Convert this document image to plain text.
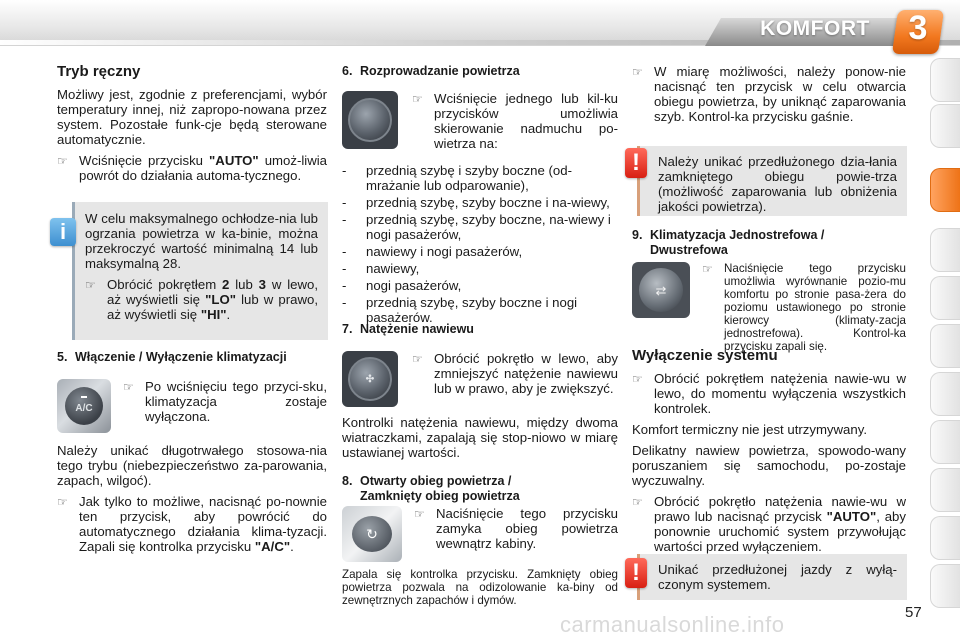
KOMFORT	3
Tryb ręczny

Możliwy jest, zgodnie z preferencjami, wybór temperatury innej, niż zapropo-nowana przez system. Pozostałe funk-cje będą sterowane automatycznie.

☞ Wciśnięcie przycisku "AUTO" umoż-liwia powrót do działania automa-tycznego.

W celu maksymalnego ochłodze-nia lub ogrzania powietrza w ka-binie, można przekroczyć wartość minimalną 14 lub maksymalną 28.

☞ Obrócić pokrętłem 2 lub 3 w lewo, aż wyświetli się "LO" lub w prawo, aż wyświetli się "HI".
i
5. Włączenie / Wyłączenie klimatyzacji
A/C
☞ Po wciśnięciu tego przyci-sku, klimatyzacja zostaje wyłączona.

Należy unikać długotrwałego stosowa-nia tego trybu (niebezpieczeństwo za-parowania, zapach, wilgoć).

☞ Jak tylko to możliwe, nacisnąć po-nownie ten przycisk, aby powrócić do automatycznego działania klima-tyzacji. Zapali się kontrolka przycisku "A/C".
6. Rozprowadzanie powietrza
☞ Wciśnięcie jednego lub kil-ku przycisków umożliwia skierowanie nadmuchu po-wietrza na:
-	przednią szybę i szyby boczne (od-mrażanie lub odparowanie),
-	przednią szybę, szyby boczne i na-wiewy,
-	przednią szybę, szyby boczne, na-wiewy i nogi pasażerów,
-	nawiewy i nogi pasażerów,
-	nawiewy,
-	nogi pasażerów,
-	przednią szybę, szyby boczne i nogi pasażerów.
7. Natężenie nawiewu
✣
☞ Obrócić pokrętło w lewo, aby zmniejszyć natężenie nawiewu lub w prawo, aby je zwiększyć.

Kontrolki natężenia nawiewu, między dwoma wiatraczkami, zapalają się stop-niowo w miarę ustawianej wartości.

8. Otwarty obieg powietrza /
Zamknięty obieg powietrza
↻
☞ Naciśnięcie tego przycisku zamyka obieg powietrza wewnątrz kabiny.

Zapala się kontrolka przycisku. Zamknięty obieg powietrza pozwala na odizolowanie ka-biny od zewnętrznych zapachów i dymów.

☞ W miarę możliwości, należy ponow-nie nacisnąć ten przycisk w celu otwarcia obiegu powietrza, by uniknąć zaparowania szyb. Kontrol-ka przycisku gaśnie.

Należy unikać przedłużonego dzia-łania zamkniętego obiegu powie-trza (możliwość zaparowania lub obniżenia jakości powietrza).

!
9. Klimatyzacja Jednostrefowa /
Dwustrefowa
⇄
☞ Naciśnięcie tego przycisku umożliwia wyrównanie pozio-mu komfortu po stronie pasa-żera do poziomu ustawionego po stronie kierowcy (klimaty-zacja jednostrefowa). Kontrol-ka przycisku zapali się.
Wyłączenie systemu
☞ Obrócić pokrętłem natężenia nawie-wu w lewo, do momentu wyłączenia wszystkich kontrolek.

Komfort termiczny nie jest utrzymywany.

Delikatny nawiew powietrza, spowodo-wany poruszaniem się samochodu, po-zostaje wyczuwalny.

☞ Obrócić pokrętło natężenia nawie-wu w prawo lub nacisnąć przycisk "AUTO", aby ponownie uruchomić system przywołując wartości przed wyłączeniem.

Unikać przedłużonej jazdy z wyłą-czonym systemem.

!
57
carmanualsonline.info
